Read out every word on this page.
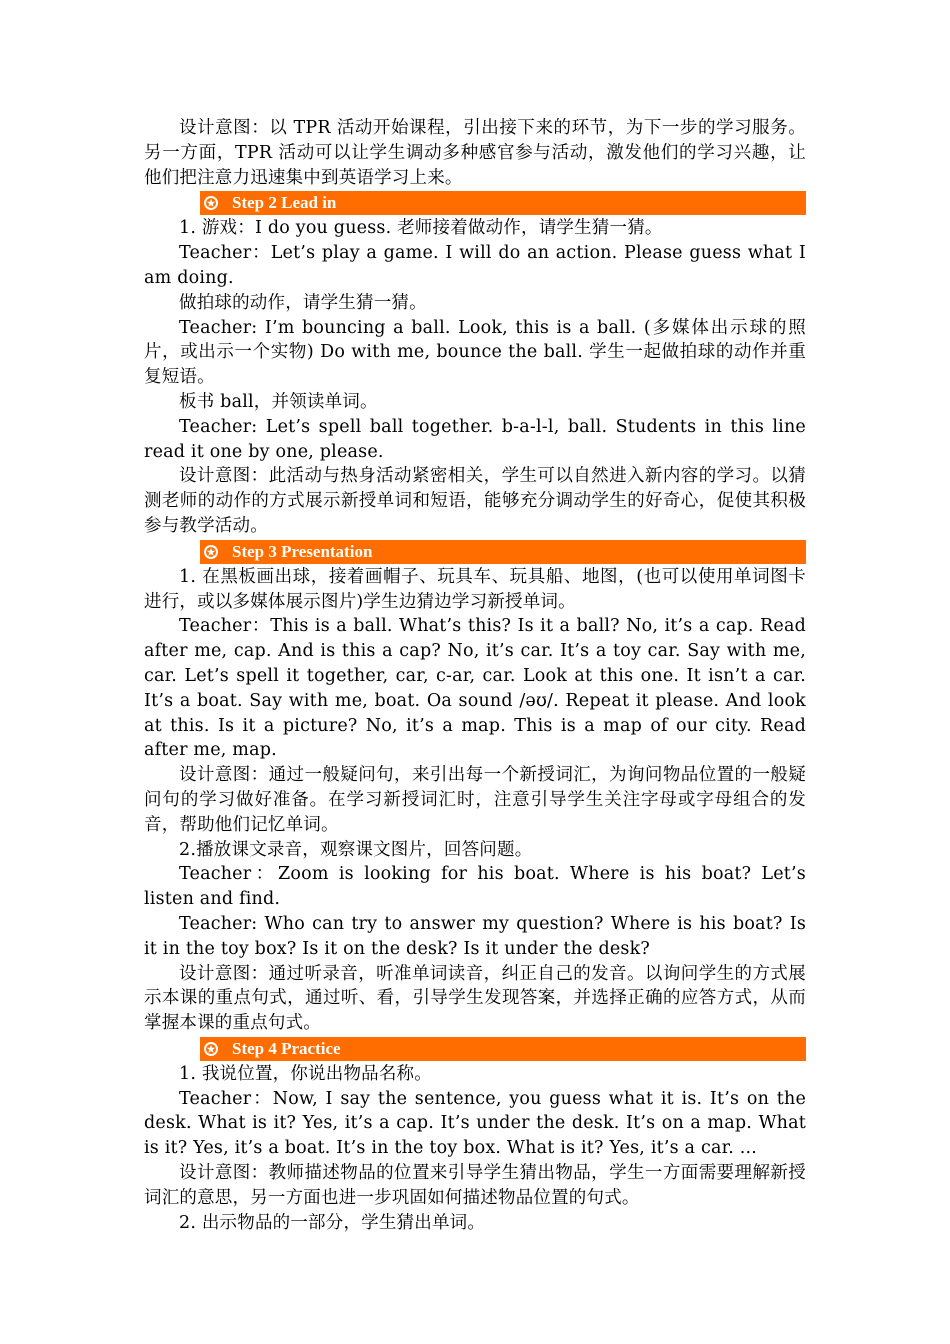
设计意图：以 TPR 活动开始课程，引出接下来的环节，为下一步的学习服务。另一方面，TPR 活动可以让学生调动多种感官参与活动，激发他们的学习兴趣，让他们把注意力迅速集中到英语学习上来。

Step 2 Lead in

1. 游戏：I do you guess. 老师接着做动作，请学生猜一猜。

Teacher：Let’s play a game. I will do an action. Please guess what I am doing.

做拍球的动作，请学生猜一猜。

Teacher: I’m bouncing a ball. Look, this is a ball. (多媒体出示球的照片，或出示一个实物) Do with me, bounce the ball. 学生一起做拍球的动作并重复短语。

板书 ball，并领读单词。

Teacher: Let’s spell ball together. b-a-l-l, ball. Students in this line read it one by one, please.

设计意图：此活动与热身活动紧密相关，学生可以自然进入新内容的学习。以猜测老师的动作的方式展示新授单词和短语，能够充分调动学生的好奇心，促使其积极参与教学活动。

Step 3 Presentation

1. 在黑板画出球，接着画帽子、玩具车、玩具船、地图，(也可以使用单词图卡进行，或以多媒体展示图片)学生边猜边学习新授单词。

Teacher：This is a ball. What’s this? Is it a ball? No, it’s a cap. Read after me, cap. And is this a cap? No, it’s car. It’s a toy car. Say with me, car. Let’s spell it together, car, c-ar, car. Look at this one. It isn’t a car. It’s a boat. Say with me, boat. Oa sound /əʊ/. Repeat it please. And look at this. Is it a picture? No, it’s a map. This is a map of our city. Read after me, map.

设计意图：通过一般疑问句，来引出每一个新授词汇，为询问物品位置的一般疑问句的学习做好准备。在学习新授词汇时，注意引导学生关注字母或字母组合的发音，帮助他们记忆单词。

2.播放课文录音，观察课文图片，回答问题。

Teacher：Zoom is looking for his boat. Where is his boat? Let’s listen and find.

Teacher: Who can try to answer my question? Where is his boat? Is it in the toy box? Is it on the desk? Is it under the desk?

设计意图：通过听录音，听准单词读音，纠正自己的发音。以询问学生的方式展示本课的重点句式，通过听、看，引导学生发现答案，并选择正确的应答方式，从而掌握本课的重点句式。

Step 4 Practice

1. 我说位置，你说出物品名称。

Teacher：Now, I say the sentence, you guess what it is. It’s on the desk. What is it? Yes, it’s a cap. It’s under the desk. It’s on a map. What is it? Yes, it’s a boat. It’s in the toy box. What is it? Yes, it’s a car. ...

设计意图：教师描述物品的位置来引导学生猜出物品，学生一方面需要理解新授词汇的意思，另一方面也进一步巩固如何描述物品位置的句式。

2. 出示物品的一部分，学生猜出单词。
